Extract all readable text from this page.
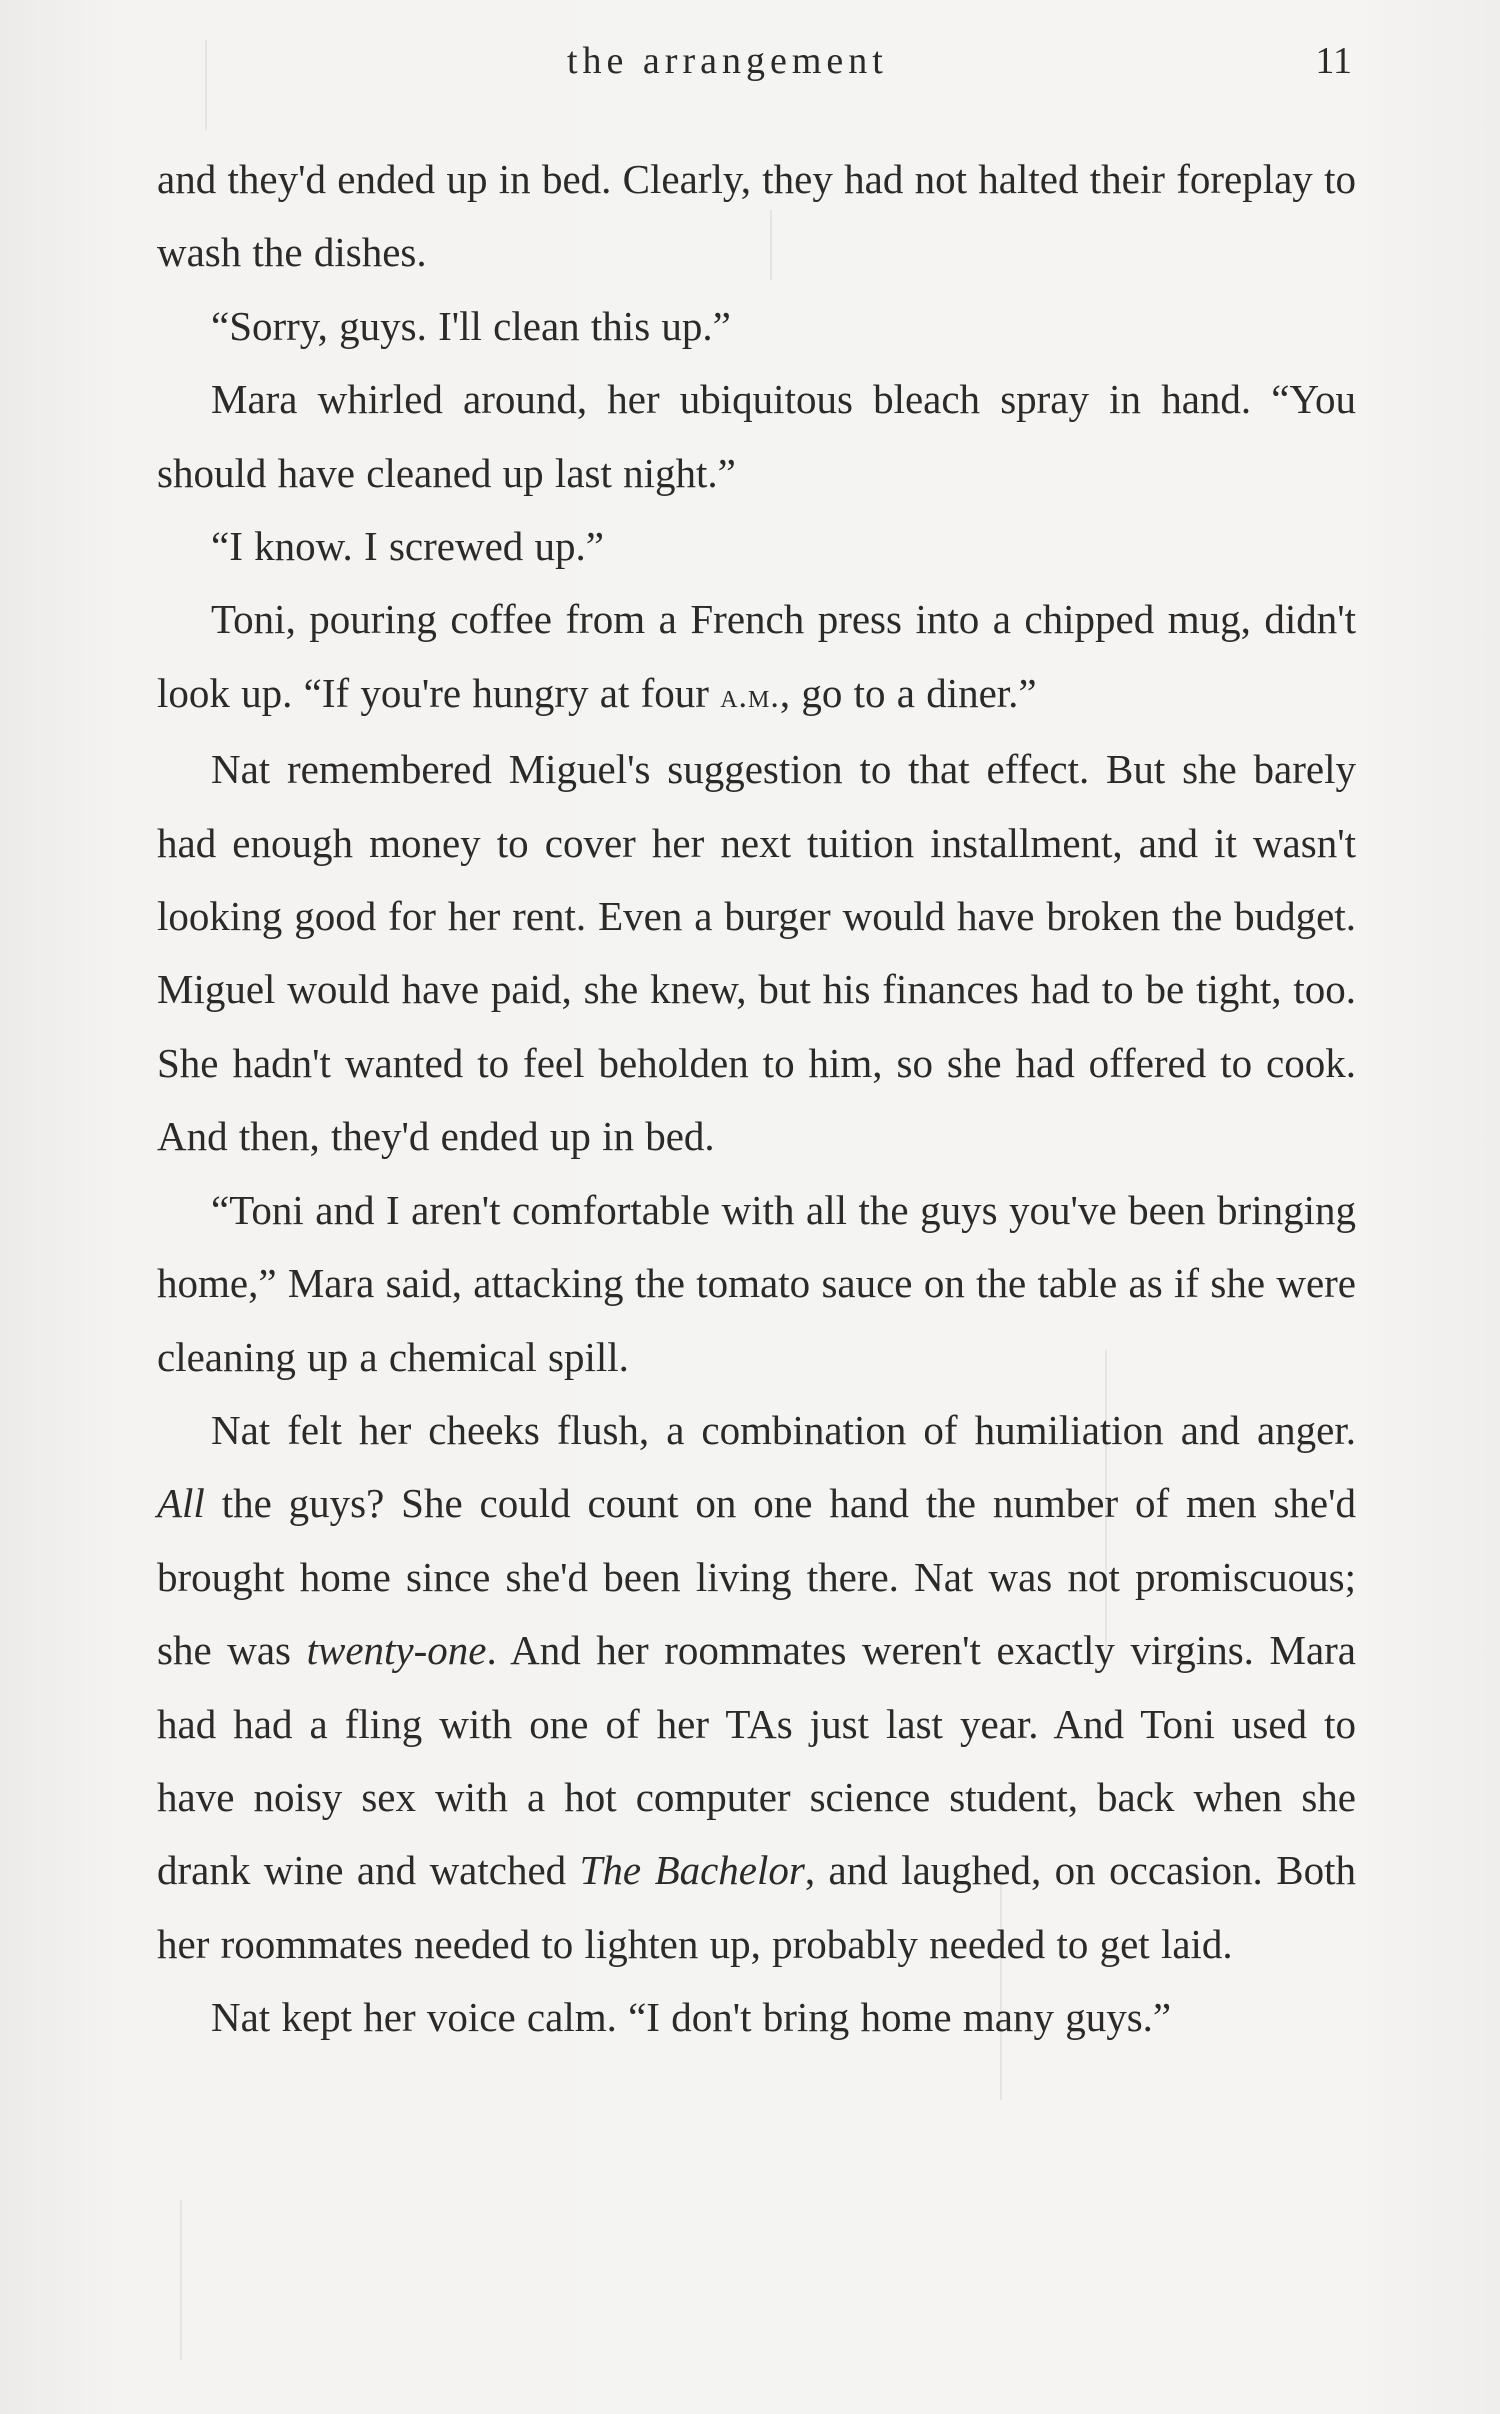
the arrangement	11

and they'd ended up in bed. Clearly, they had not halted their foreplay to wash the dishes.

“Sorry, guys. I'll clean this up.”

Mara whirled around, her ubiquitous bleach spray in hand. “You should have cleaned up last night.”

“I know. I screwed up.”

Toni, pouring coffee from a French press into a chipped mug, didn't look up. “If you're hungry at four a.m., go to a diner.”

Nat remembered Miguel's suggestion to that effect. But she barely had enough money to cover her next tuition installment, and it wasn't looking good for her rent. Even a burger would have broken the budget. Miguel would have paid, she knew, but his finances had to be tight, too. She hadn't wanted to feel beholden to him, so she had offered to cook. And then, they'd ended up in bed.

“Toni and I aren't comfortable with all the guys you've been bringing home,” Mara said, attacking the tomato sauce on the table as if she were cleaning up a chemical spill.

Nat felt her cheeks flush, a combination of humiliation and anger. All the guys? She could count on one hand the number of men she'd brought home since she'd been living there. Nat was not promiscuous; she was twenty-one. And her roommates weren't exactly virgins. Mara had had a fling with one of her TAs just last year. And Toni used to have noisy sex with a hot computer science student, back when she drank wine and watched The Bachelor, and laughed, on occasion. Both her roommates needed to lighten up, probably needed to get laid.

Nat kept her voice calm. “I don't bring home many guys.”
